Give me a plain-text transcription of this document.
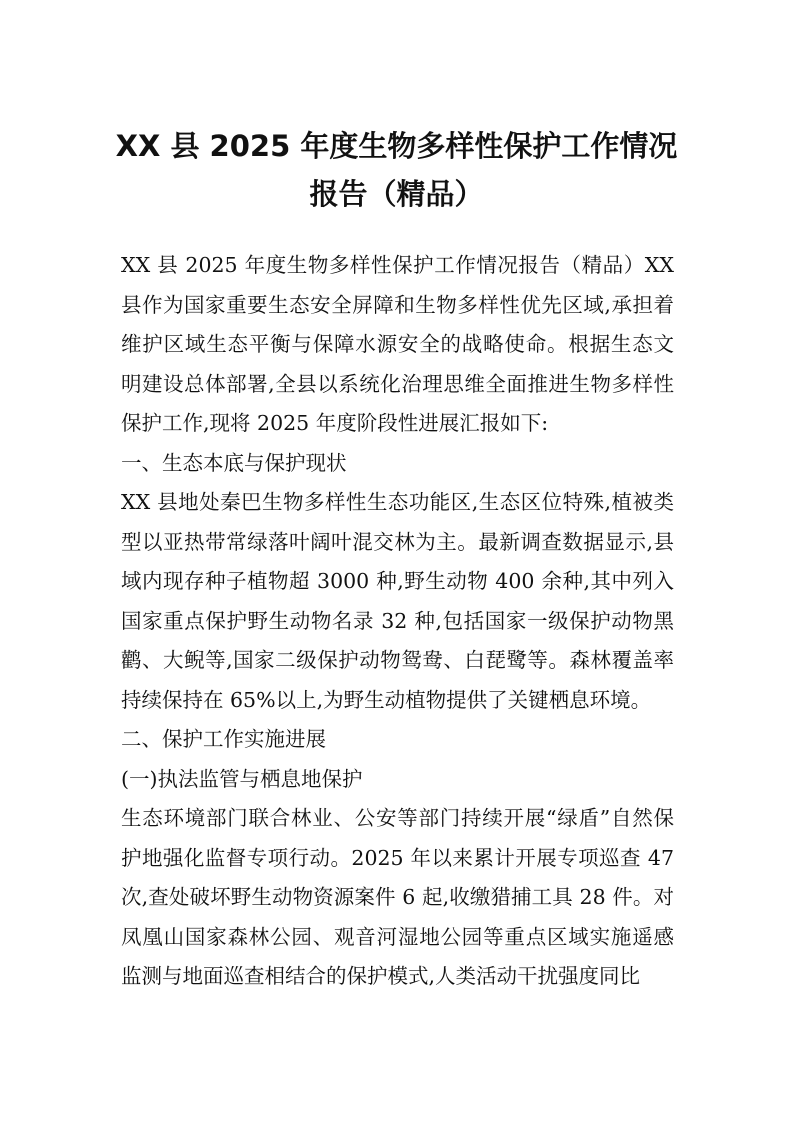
XX 县 2025 年度生物多样性保护工作情况报告（精品）

XX 县 2025 年度生物多样性保护工作情况报告（精品）XX 县作为国家重要生态安全屏障和生物多样性优先区域,承担着维护区域生态平衡与保障水源安全的战略使命。根据生态文明建设总体部署,全县以系统化治理思维全面推进生物多样性保护工作,现将 2025 年度阶段性进展汇报如下:

一、生态本底与保护现状

XX 县地处秦巴生物多样性生态功能区,生态区位特殊,植被类型以亚热带常绿落叶阔叶混交林为主。最新调查数据显示,县域内现存种子植物超 3000 种,野生动物 400 余种,其中列入国家重点保护野生动物名录 32 种,包括国家一级保护动物黑鹳、大鲵等,国家二级保护动物鸳鸯、白琵鹭等。森林覆盖率持续保持在 65%以上,为野生动植物提供了关键栖息环境。

二、保护工作实施进展

(一)执法监管与栖息地保护

生态环境部门联合林业、公安等部门持续开展“绿盾”自然保护地强化监督专项行动。2025 年以来累计开展专项巡查 47 次,查处破坏野生动物资源案件 6 起,收缴猎捕工具 28 件。对凤凰山国家森林公园、观音河湿地公园等重点区域实施遥感监测与地面巡查相结合的保护模式,人类活动干扰强度同比
